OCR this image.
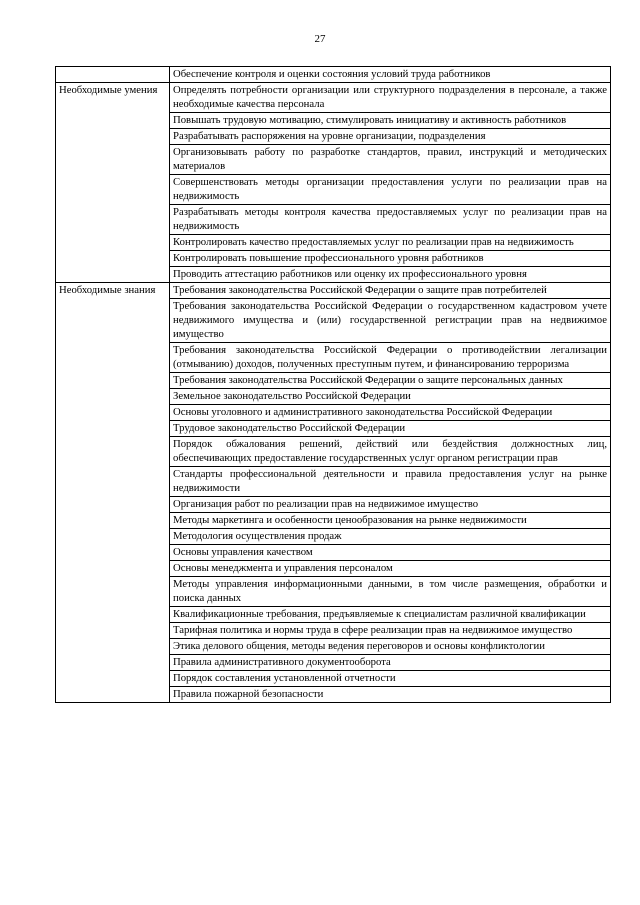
27
	Обеспечение контроля и оценки состояния условий труда работников
Необходимые умения	Определять потребности организации или структурного подразделения в персонале, а также необходимые качества персонала
	Повышать трудовую мотивацию, стимулировать инициативу и активность работников
	Разрабатывать распоряжения на уровне организации, подразделения
	Организовывать работу по разработке стандартов, правил, инструкций и методических материалов
	Совершенствовать методы организации предоставления услуги по реализации прав на недвижимость
	Разрабатывать методы контроля качества предоставляемых услуг по реализации прав на недвижимость
	Контролировать качество предоставляемых услуг по реализации прав на недвижимость
	Контролировать повышение профессионального уровня работников
	Проводить аттестацию работников или оценку их профессионального уровня
Необходимые знания	Требования законодательства Российской Федерации о защите прав потребителей
	Требования законодательства Российской Федерации о государственном кадастровом учете недвижимого имущества и (или) государственной регистрации прав на недвижимое имущество
	Требования законодательства Российской Федерации о противодействии легализации (отмыванию) доходов, полученных преступным путем, и финансированию терроризма
	Требования законодательства Российской Федерации о защите персональных данных
	Земельное законодательство Российской Федерации
	Основы уголовного и административного законодательства Российской Федерации
	Трудовое законодательство Российской Федерации
	Порядок обжалования решений, действий или бездействия должностных лиц, обеспечивающих предоставление государственных услуг органом регистрации прав
	Стандарты профессиональной деятельности и правила предоставления услуг на рынке недвижимости
	Организация работ по реализации прав на недвижимое имущество
	Методы маркетинга и особенности ценообразования на рынке недвижимости
	Методология осуществления продаж
	Основы управления качеством
	Основы менеджмента и управления персоналом
	Методы управления информационными данными, в том числе размещения, обработки и поиска данных
	Квалификационные требования, предъявляемые к специалистам различной квалификации
	Тарифная политика и нормы труда в сфере реализации прав на недвижимое имущество
	Этика делового общения, методы ведения переговоров и основы конфликтологии
	Правила административного документооборота
	Порядок составления установленной отчетности
	Правила пожарной безопасности
